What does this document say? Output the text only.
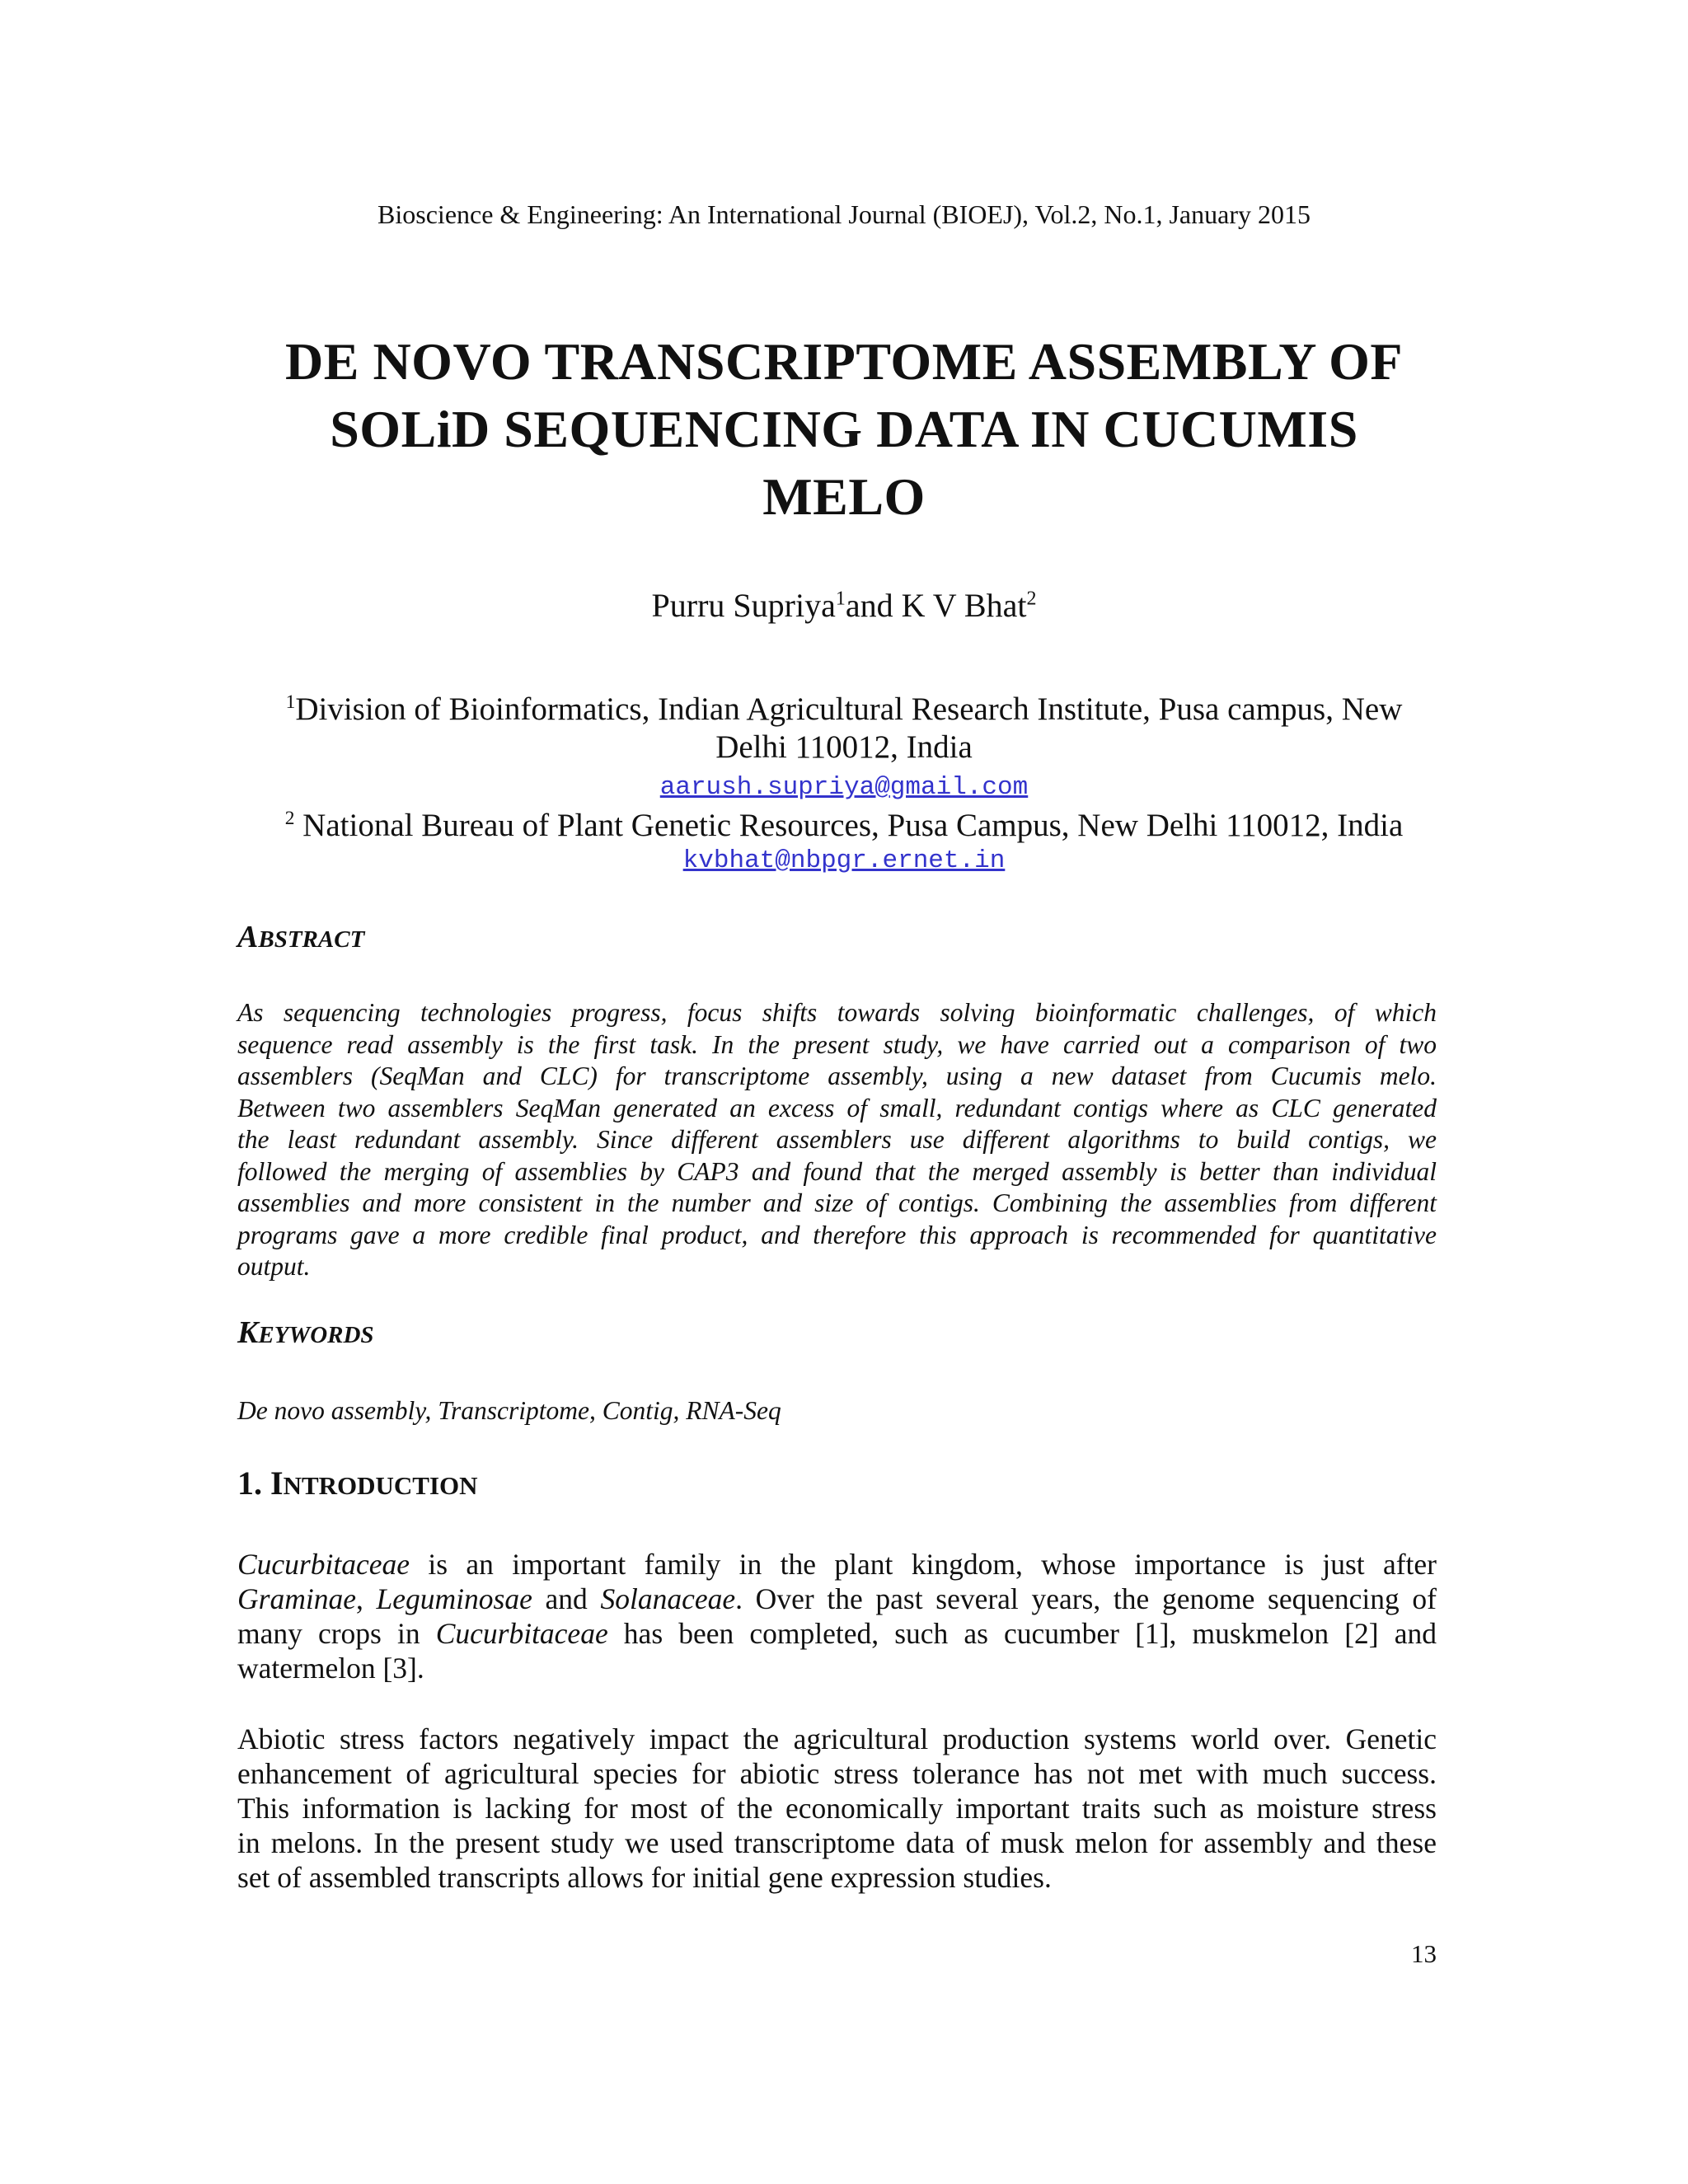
Bioscience & Engineering: An International Journal (BIOEJ), Vol.2, No.1, January 2015
DE NOVO TRANSCRIPTOME ASSEMBLY OF
SOLiD SEQUENCING DATA IN CUCUMIS
MELO
Purru Supriya$^1$and K V Bhat$^2$
$^1$Division of Bioinformatics, Indian Agricultural Research Institute, Pusa campus, New
Delhi 110012, India
aarush.supriya@gmail.com
$^2$ National Bureau of Plant Genetic Resources, Pusa Campus, New Delhi 110012, India
kvbhat@nbpgr.ernet.in
ABSTRACT
As sequencing technologies progress, focus shifts towards solving bioinformatic challenges, of which
sequence read assembly is the first task. In the present study, we have carried out a comparison of two
assemblers (SeqMan and CLC) for transcriptome assembly, using a new dataset from Cucumis melo.
Between two assemblers SeqMan generated an excess of small, redundant contigs where as CLC generated
the least redundant assembly. Since different assemblers use different algorithms to build contigs, we
followed the merging of assemblies by CAP3 and found that the merged assembly is better than individual
assemblies and more consistent in the number and size of contigs. Combining the assemblies from different
programs gave a more credible final product, and therefore this approach is recommended for quantitative
output.
KEYWORDS
De novo assembly, Transcriptome, Contig, RNA-Seq
1. INTRODUCTION
Cucurbitaceae is an important family in the plant kingdom, whose importance is just after
Graminae, Leguminosae and Solanaceae. Over the past several years, the genome sequencing of
many crops in Cucurbitaceae has been completed, such as cucumber [1], muskmelon [2] and
watermelon [3].
Abiotic stress factors negatively impact the agricultural production systems world over. Genetic
enhancement of agricultural species for abiotic stress tolerance has not met with much success.
This information is lacking for most of the economically important traits such as moisture stress
in melons. In the present study we used transcriptome data of musk melon for assembly and these
set of assembled transcripts allows for initial gene expression studies.
13
